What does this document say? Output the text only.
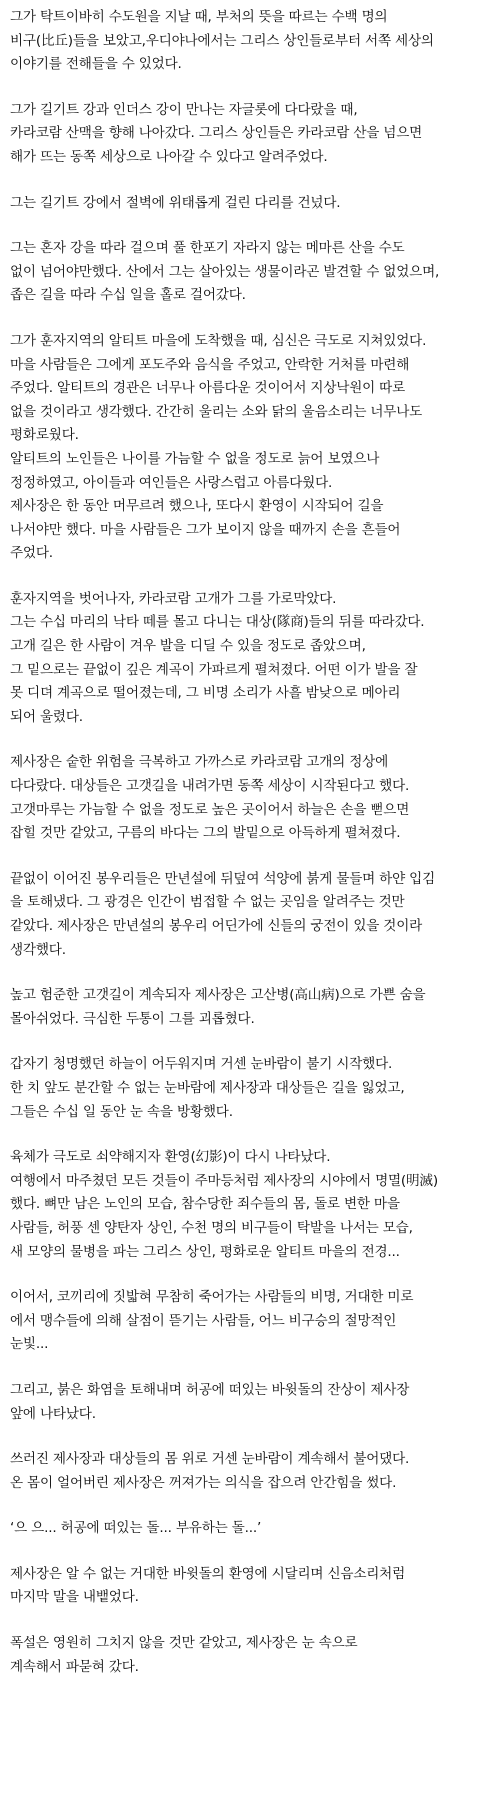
그가 탁트이바히 수도원을 지날 때, 부처의 뜻을 따르는 수백 명의
비구(比丘)들을 보았고,우디야나에서는 그리스 상인들로부터 서쪽 세상의
이야기를 전해들을 수 있었다.
그가 길기트 강과 인더스 강이 만나는 자글롯에 다다랐을 때,
카라코람 산맥을 향해 나아갔다. 그리스 상인들은 카라코람 산을 넘으면
해가 뜨는 동쪽 세상으로 나아갈 수 있다고 알려주었다.
그는 길기트 강에서 절벽에 위태롭게 걸린 다리를 건넜다.
그는 혼자 강을 따라 걸으며 풀 한포기 자라지 않는 메마른 산을 수도
없이 넘어야만했다. 산에서 그는 살아있는 생물이라곤 발견할 수 없었으며,
좁은 길을 따라 수십 일을 홀로 걸어갔다.
그가 훈자지역의 알티트 마을에 도착했을 때, 심신은 극도로 지쳐있었다.
마을 사람들은 그에게 포도주와 음식을 주었고, 안락한 거처를 마련해
주었다. 알티트의 경관은 너무나 아름다운 것이어서 지상낙원이 따로
없을 것이라고 생각했다. 간간히 울리는 소와 닭의 울음소리는 너무나도
평화로웠다.
알티트의 노인들은 나이를 가늠할 수 없을 정도로 늙어 보였으나
정정하였고, 아이들과 여인들은 사랑스럽고 아름다웠다.
제사장은 한 동안 머무르려 했으나, 또다시 환영이 시작되어 길을
나서야만 했다. 마을 사람들은 그가 보이지 않을 때까지 손을 흔들어
주었다.
훈자지역을 벗어나자, 카라코람 고개가 그를 가로막았다.
그는 수십 마리의 낙타 떼를 몰고 다니는 대상(隊商)들의 뒤를 따라갔다.
고개 길은 한 사람이 겨우 발을 디딜 수 있을 정도로 좁았으며,
그 밑으로는 끝없이 깊은 계곡이 가파르게 펼쳐졌다. 어떤 이가 발을 잘
못 디뎌 계곡으로 떨어졌는데, 그 비명 소리가 사흘 밤낮으로 메아리
되어 울렸다.
제사장은 숱한 위험을 극복하고 가까스로 카라코람 고개의 정상에
다다랐다. 대상들은 고갯길을 내려가면 동쪽 세상이 시작된다고 했다.
고갯마루는 가늠할 수 없을 정도로 높은 곳이어서 하늘은 손을 뻗으면
잡힐 것만 같았고, 구름의 바다는 그의 발밑으로 아득하게 펼쳐졌다.
끝없이 이어진 봉우리들은 만년설에 뒤덮여 석양에 붉게 물들며 하얀 입김
을 토해냈다. 그 광경은 인간이 범접할 수 없는 곳임을 알려주는 것만
같았다. 제사장은 만년설의 봉우리 어딘가에 신들의 궁전이 있을 것이라
생각했다.
높고 험준한 고갯길이 계속되자 제사장은 고산병(高山病)으로 가쁜 숨을
몰아쉬었다. 극심한 두통이 그를 괴롭혔다.
갑자기 청명했던 하늘이 어두워지며 거센 눈바람이 불기 시작했다.
한 치 앞도 분간할 수 없는 눈바람에 제사장과 대상들은 길을 잃었고,
그들은 수십 일 동안 눈 속을 방황했다.
육체가 극도로 쇠약해지자 환영(幻影)이 다시 나타났다.
여행에서 마주쳤던 모든 것들이 주마등처럼 제사장의 시야에서 명멸(明滅)
했다. 뼈만 남은 노인의 모습, 참수당한 죄수들의 몸, 돌로 변한 마을
사람들, 허풍 센 양탄자 상인, 수천 명의 비구들이 탁발을 나서는 모습,
새 모양의 물병을 파는 그리스 상인, 평화로운 알티트 마을의 전경...
이어서, 코끼리에 짓밟혀 무참히 죽어가는 사람들의 비명, 거대한 미로
에서 맹수들에 의해 살점이 뜯기는 사람들, 어느 비구승의 절망적인
눈빛...
그리고, 붉은 화염을 토해내며 허공에 떠있는 바윗돌의 잔상이 제사장
앞에 나타났다.
쓰러진 제사장과 대상들의 몸 위로 거센 눈바람이 계속해서 불어댔다.
온 몸이 얼어버린 제사장은 꺼져가는 의식을 잡으려 안간힘을 썼다.
‘으 으... 허공에 떠있는 돌... 부유하는 돌...’
제사장은 알 수 없는 거대한 바윗돌의 환영에 시달리며 신음소리처럼
마지막 말을 내뱉었다.
폭설은 영원히 그치지 않을 것만 같았고, 제사장은 눈 속으로
계속해서 파묻혀 갔다.
